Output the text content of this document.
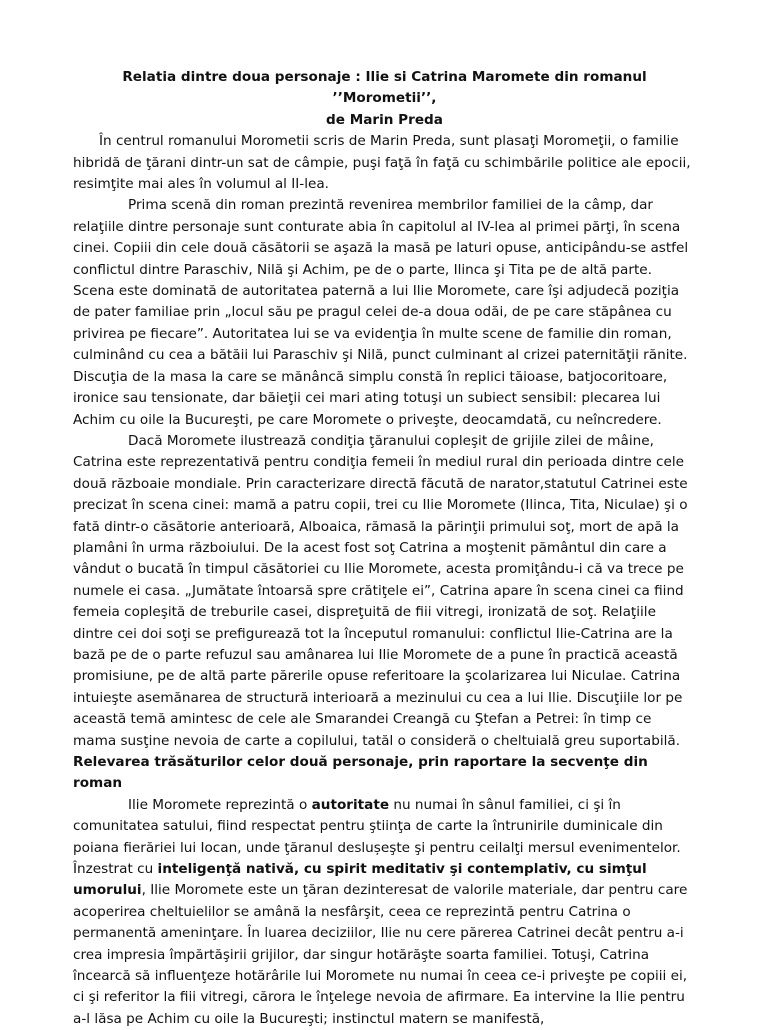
Relatia dintre doua personaje : Ilie si Catrina Maromete din romanul ’’Morometii’’,

de Marin Preda

În centrul romanului Morometii scris de Marin Preda, sunt plasaţi Moromeţii, o familie hibridă de ţărani dintr-un sat de câmpie, puşi faţă în faţă cu schimbările politice ale epocii, resimţite mai ales în volumul al II-lea.

Prima scenă din roman prezintă revenirea membrilor familiei de la câmp, dar relaţiile dintre personaje sunt conturate abia în capitolul al IV-lea al primei părţi, în scena cinei. Copiii din cele două căsătorii se aşază la masă pe laturi opuse, anticipându-se astfel conflictul dintre Paraschiv, Nilă şi Achim, pe de o parte, Ilinca şi Tita pe de altă parte. Scena este dominată de autoritatea paternă a lui Ilie Moromete, care îşi adjudecă poziţia de pater familiae prin „locul său pe pragul celei de-a doua odăi, de pe care stăpânea cu privirea pe fiecare”. Autoritatea lui se va evidenţia în multe scene de familie din roman, culminând cu cea a bătăii lui Paraschiv şi Nilă, punct culminant al crizei paternităţii rănite. Discuţia de la masa la care se mănâncă simplu constă în replici tăioase, batjocoritoare, ironice sau tensionate, dar băieţii cei mari ating totuşi un subiect sensibil: plecarea lui Achim cu oile la Bucureşti, pe care Moromete o priveşte, deocamdată, cu neîncredere.

Dacă Moromete ilustrează condiţia ţăranului copleşit de grijile zilei de mâine, Catrina este reprezentativă pentru condiţia femeii în mediul rural din perioada dintre cele două războaie mondiale. Prin caracterizare directă făcută de narator,statutul Catrinei este precizat în scena cinei: mamă a patru copii, trei cu Ilie Moromete (Ilinca, Tita, Niculae) şi o fată dintr-o căsătorie anterioară, Alboaica, rămasă la părinţii primului soţ, mort de apă la plamâni în urma războiului. De la acest fost soţ Catrina a moştenit pământul din care a vândut o bucată în timpul căsătoriei cu Ilie Moromete, acesta promiţându-i că va trece pe numele ei casa. „Jumătate întoarsă spre crătiţele ei”, Catrina apare în scena cinei ca fiind femeia copleşită de treburile casei, dispreţuită de fiii vitregi, ironizată de soţ. Relaţiile dintre cei doi soţi se prefigurează tot la începutul romanului: conflictul Ilie-Catrina are la bază pe de o parte refuzul sau amânarea lui Ilie Moromete de a pune în practică această promisiune, pe de altă parte părerile opuse referitoare la şcolarizarea lui Niculae. Catrina intuieşte asemănarea de structură interioară a mezinului cu cea a lui Ilie. Discuţiile lor pe această temă amintesc de cele ale Smarandei Creangă cu Ştefan a Petrei: în timp ce mama susţine nevoia de carte a copilului, tatăl o consideră o cheltuială greu suportabilă.

Relevarea trăsăturilor celor două personaje, prin raportare la secvenţe din roman

Ilie Moromete reprezintă o autoritate nu numai în sânul familiei, ci şi în comunitatea satului, fiind respectat pentru ştiinţa de carte la întrunirile duminicale din poiana fierăriei lui Iocan, unde ţăranul deslușeşte şi pentru ceilalţi mersul evenimentelor. Înzestrat cu inteligenţă nativă, cu spirit meditativ şi contemplativ, cu simţul umorului, Ilie Moromete este un ţăran dezinteresat de valorile materiale, dar pentru care acoperirea cheltuielilor se amână la nesfârşit, ceea ce reprezintă pentru Catrina o permanentă ameninţare. În luarea deciziilor, Ilie nu cere părerea Catrinei decât pentru a-i crea impresia împărtăşirii grijilor, dar singur hotărăşte soarta familiei. Totuşi, Catrina încearcă să influenţeze hotărârile lui Moromete nu numai în ceea ce-i priveşte pe copiii ei, ci şi referitor la fiii vitregi, cărora le înţelege nevoia de afirmare. Ea intervine la Ilie pentru a-l lăsa pe Achim cu oile la Bucureşti; instinctul matern se manifestă,
